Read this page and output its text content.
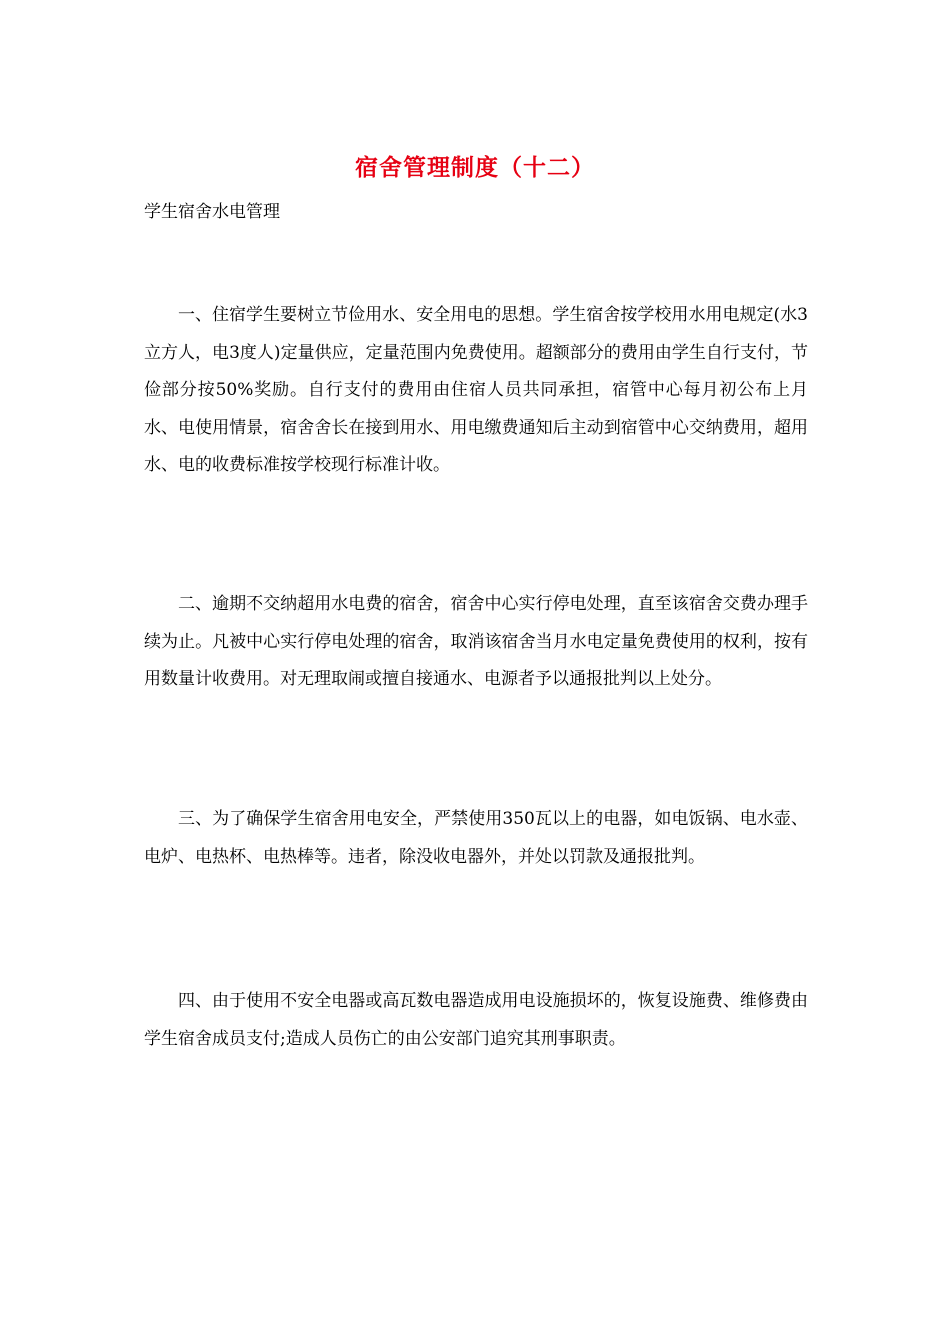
宿舍管理制度（十二）

学生宿舍水电管理

一、住宿学生要树立节俭用水、安全用电的思想。学生宿舍按学校用水用电规定(水3立方人，电3度人)定量供应，定量范围内免费使用。超额部分的费用由学生自行支付，节俭部分按50%奖励。自行支付的费用由住宿人员共同承担，宿管中心每月初公布上月水、电使用情景，宿舍舍长在接到用水、用电缴费通知后主动到宿管中心交纳费用，超用水、电的收费标准按学校现行标准计收。

二、逾期不交纳超用水电费的宿舍，宿舍中心实行停电处理，直至该宿舍交费办理手续为止。凡被中心实行停电处理的宿舍，取消该宿舍当月水电定量免费使用的权利，按有用数量计收费用。对无理取闹或擅自接通水、电源者予以通报批判以上处分。

三、为了确保学生宿舍用电安全，严禁使用350瓦以上的电器，如电饭锅、电水壶、电炉、电热杯、电热棒等。违者，除没收电器外，并处以罚款及通报批判。

四、由于使用不安全电器或高瓦数电器造成用电设施损坏的，恢复设施费、维修费由学生宿舍成员支付;造成人员伤亡的由公安部门追究其刑事职责。
